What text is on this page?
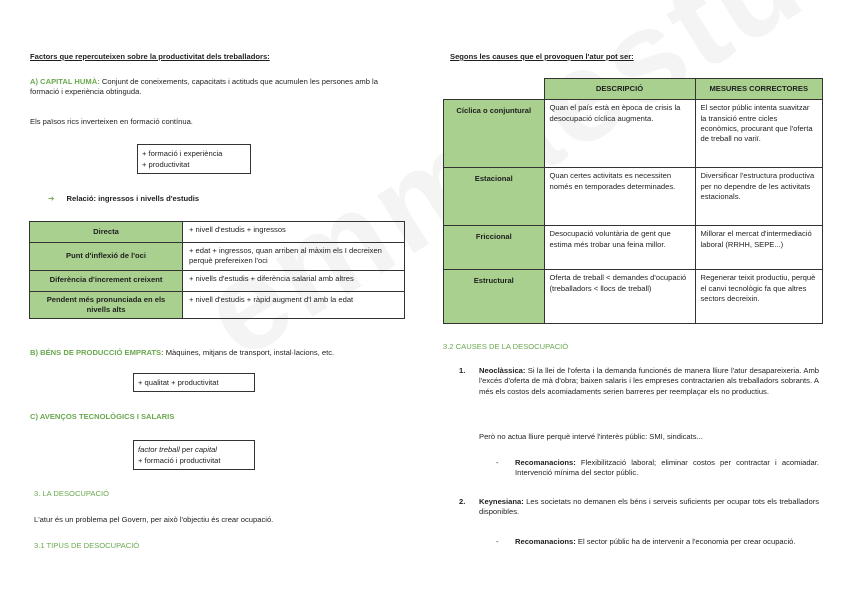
Factors que repercuteixen sobre la productivitat dels treballadors:
A) CAPITAL HUMÀ: Conjunt de coneixements, capacitats i actituds que acumulen les persones amb la formació i experiència obtinguda.
Els països rics inverteixen en formació contínua.
+ formació i experiència
+ productivitat
➔ Relació: ingressos i nivells d'estudis
Directa	+ nivell d'estudis + ingressos
Punt d'inflexió de l'oci	+ edat + ingressos, quan arriben al màxim els I decreixen perquè prefereixen l'oci
Diferència d'increment creixent	+ nivells d'estudis + diferència salarial amb altres
Pendent més pronunciada en els nivells alts	+ nivell d'estudis + ràpid augment d'l amb la edat
B) BÉNS DE PRODUCCIÓ EMPRATS: Màquines, mitjans de transport, instal·lacions, etc.
+ qualitat + productivitat
C) AVENÇOS TECNOLÒGICS I SALARIS
factor treball per capital
+ formació i productivitat
3. LA DESOCUPACIÓ
L'atur és un problema pel Govern, per això l'objectiu és crear ocupació.
3.1 TIPUS DE DESOCUPACIÓ
Segons les causes que el provoquen l'atur pot ser:
	DESCRIPCIÓ	MESURES CORRECTORES
Cíclica o conjuntural	Quan el país està en època de crisis la desocupació cíclica augmenta.	El sector públic intenta suavitzar la transició entre cicles econòmics, procurant que l'oferta de treball no variï.
Estacional	Quan certes activitats es necessiten només en temporades determinades.	Diversificar l'estructura productiva per no dependre de les activitats estacionals.
Friccional	Desocupació voluntària de gent que estima més trobar una feina millor.	Millorar el mercat d'intermediació laboral (RRHH, SEPE...)
Estructural	Oferta de treball < demandes d'ocupació (treballadors < llocs de treball)	Regenerar teixit productiu, perquè el canvi tecnològic fa que altres sectors decreixin.
3.2 CAUSES DE LA DESOCUPACIÓ
1. Neoclàssica: Si la llei de l'oferta i la demanda funcionés de manera lliure l'atur desapareixeria. Amb l'excés d'oferta de mà d'obra; baixen salaris i les empreses contractarien als treballadors sobrants. A més els costos dels acomiadaments serien barreres per reemplaçar els no productius.
Però no actua lliure perquè intervé l'interès públic: SMI, sindicats...
- Recomanacions: Flexibilització laboral; eliminar costos per contractar i acomiadar. Intervenció mínima del sector públic.
2. Keynesiana: Les societats no demanen els béns i serveis suficients per ocupar tots els treballadors disponibles.
- Recomanacions: El sector públic ha de intervenir a l'economia per crear ocupació.
